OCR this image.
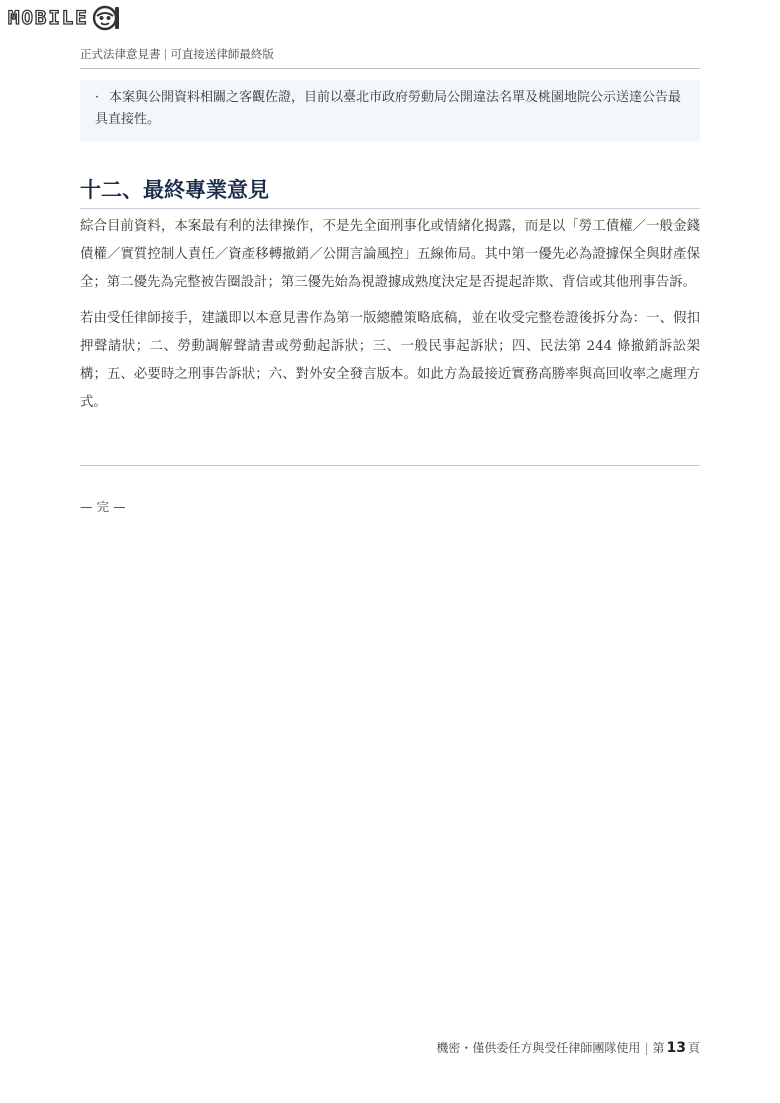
MOBILE
正式法律意見書 | 可直接送律師最終版
· 本案與公開資料相關之客觀佐證，目前以臺北市政府勞動局公開違法名單及桃園地院公示送達公告最具直接性。
十二、最終專業意見

綜合目前資料，本案最有利的法律操作，不是先全面刑事化或情緒化揭露，而是以「勞工債權／一般金錢債權／實質控制人責任／資產移轉撤銷／公開言論風控」五線佈局。其中第一優先必為證據保全與財產保全；第二優先為完整被告圈設計；第三優先始為視證據成熟度決定是否提起詐欺、背信或其他刑事告訴。

若由受任律師接手，建議即以本意見書作為第一版總體策略底稿，並在收受完整卷證後拆分為：一、假扣押聲請狀；二、勞動調解聲請書或勞動起訴狀；三、一般民事起訴狀；四、民法第 244 條撤銷訴訟架構；五、必要時之刑事告訴狀；六、對外安全發言版本。如此方為最接近實務高勝率與高回收率之處理方式。

— 完 —
機密・僅供委任方與受任律師團隊使用 | 第 13 頁
